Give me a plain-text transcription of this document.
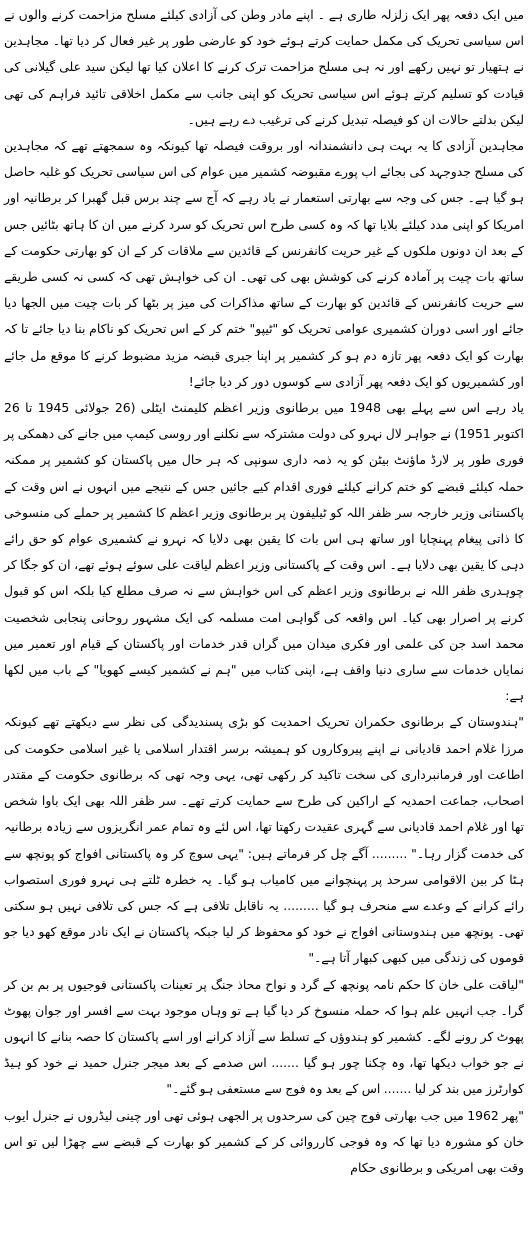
میں ایک دفعہ پھر ایک زلزلہ طاری ہے ۔ اپنے مادر وطن کی آزادی کیلئے مسلح مزاحمت کرنے والوں نے اس سیاسی تحریک کی مکمل حمایت کرتے ہوئے خود کو عارضی طور پر غیر فعال کر دیا تھا۔ مجاہدین نے ہتھیار تو نہیں رکھے اور نہ ہی مسلح مزاحمت ترک کرنے کا اعلان کیا تھا لیکن سید علی گیلانی کی قیادت کو تسلیم کرتے ہوئے اس سیاسی تحریک کو اپنی جانب سے مکمل اخلاقی تائید فراہم کی تھی لیکن بدلتے حالات ان کو فیصلہ تبدیل کرنے کی ترغیب دے رہے ہیں۔

مجاہدین آزادی کا یہ بہت ہی دانشمندانہ اور بروقت فیصلہ تھا کیونکہ وہ سمجھتے تھے کہ مجاہدین کی مسلح جدوجہد کی بجائے اب پورے مقبوضہ کشمیر میں عوام کی اس سیاسی تحریک کو غلبہ حاصل ہو گیا ہے۔ جس کی وجہ سے بھارتی استعمار نے یاد رہے کہ آج سے چند برس قبل گھبرا کر برطانیہ اور امریکا کو اپنی مدد کیلئے بلایا تھا کہ وہ کسی طرح اس تحریک کو سرد کرنے میں ان کا ہاتھ بٹائیں جس کے بعد ان دونوں ملکوں کے غیر حریت کانفرنس کے قائدین سے ملاقات کر کے ان کو بھارتی حکومت کے ساتھ بات چیت پر آمادہ کرنے کی کوشش بھی کی تھی۔ ان کی خواہش تھی کہ کسی نہ کسی طریقے سے حریت کانفرنس کے قائدین کو بھارت کے ساتھ مذاکرات کی میز پر بٹھا کر بات چیت میں الجھا دیا جائے اور اسی دوران کشمیری عوامی تحریک کو "ٹیپو" ختم کر کے اس تحریک کو ناکام بنا دیا جائے تا کہ بھارت کو ایک دفعہ پھر تازہ دم ہو کر کشمیر پر اپنا جبری قبضہ مزید مضبوط کرنے کا موقع مل جائے اور کشمیریوں کو ایک دفعہ پھر آزادی سے کوسوں دور کر دیا جائے!

یاد رہے اس سے پہلے بھی 1948 میں برطانوی وزیر اعظم کلیمنٹ ایٹلی (26 جولائی 1945 تا 26 اکتوبر 1951) نے جواہر لال نہرو کی دولت مشترکہ سے نکلنے اور روسی کیمپ میں جانے کی دھمکی پر فوری طور پر لارڈ ماؤنٹ بیٹن کو یہ ذمہ داری سونپی کہ ہر حال میں پاکستان کو کشمیر پر ممکنہ حملہ کیلئے قبضے کو ختم کرانے کیلئے فوری اقدام کیے جائیں جس کے نتیجے میں انہوں نے اس وقت کے پاکستانی وزیر خارجہ سر ظفر اللہ کو ٹیلیفون پر برطانوی وزیر اعظم کا کشمیر پر حملے کی منسوخی کا ذاتی پیغام پہنچایا اور ساتھ ہی اس بات کا یقین بھی دلایا کہ نہرو نے کشمیری عوام کو حق رائے دہی کا یقین بھی دلایا ہے۔ اس وقت کے پاکستانی وزیر اعظم لیاقت علی سوئے ہوئے تھے، ان کو جگا کر چوہدری ظفر اللہ نے برطانوی وزیر اعظم کی اس خواہش سے نہ صرف مطلع کیا بلکہ اس کو قبول کرنے پر اصرار بھی کیا۔ اس واقعہ کی گواہی امت مسلمہ کی ایک مشہور روحانی پنجابی شخصیت محمد اسد جن کی علمی اور فکری میدان میں گراں قدر خدمات اور پاکستان کے قیام اور تعمیر میں نمایاں خدمات سے ساری دنیا واقف ہے، اپنی کتاب میں "ہم نے کشمیر کیسے کھویا" کے باب میں لکھا ہے:

"ہندوستان کے برطانوی حکمران تحریک احمدیت کو بڑی پسندیدگی کی نظر سے دیکھتے تھے کیونکہ مرزا غلام احمد قادیانی نے اپنے پیروکاروں کو ہمیشہ برسر اقتدار اسلامی یا غیر اسلامی حکومت کی اطاعت اور فرمانبرداری کی سخت تاکید کر رکھی تھی، یہی وجہ تھی کہ برطانوی حکومت کے مقتدر اصحاب، جماعت احمدیہ کے اراکین کی طرح سے حمایت کرتے تھے۔ سر ظفر اللہ بھی ایک باوا شخص تھا اور غلام احمد قادیانی سے گہری عقیدت رکھتا تھا، اس لئے وہ تمام عمر انگریزوں سے زیادہ برطانیہ کی خدمت گزار رہا۔" ......... آگے چل کر فرماتے ہیں: "یہی سوچ کر وہ پاکستانی افواج کو پونچھ سے ہٹا کر بین الاقوامی سرحد پر پہنچوانے میں کامیاب ہو گیا۔ یہ خطرہ ٹلتے ہی نہرو فوری استصواب رائے کرانے کے وعدے سے منحرف ہو گیا ......... یہ ناقابل تلافی ہے کہ جس کی تلافی نہیں ہو سکتی تھی۔ پونچھ میں ہندوستانی افواج نے خود کو محفوظ کر لیا جبکہ پاکستان نے ایک نادر موقع کھو دیا جو قوموں کی زندگی میں کبھی کبھار آتا ہے۔"

"لیاقت علی خان کا حکم نامہ پونچھ کے گرد و نواح محاذ جنگ پر تعینات پاکستانی فوجیوں پر بم بن کر گرا۔ جب انہیں علم ہوا کہ حملہ منسوخ کر دیا گیا ہے تو وہاں موجود بہت سے افسر اور جوان پھوٹ پھوٹ کر رونے لگے۔ کشمیر کو ہندوؤں کے تسلط سے آزاد کرانے اور اسے پاکستان کا حصہ بنانے کا انہوں نے جو خواب دیکھا تھا، وہ چکنا چور ہو گیا ....... اس صدمے کے بعد میجر جنرل حمید نے خود کو ہیڈ کوارٹرز میں بند کر لیا ....... اس کے بعد وہ فوج سے مستعفی ہو گئے۔"

"پھر 1962 میں جب بھارتی فوج چین کی سرحدوں پر الجھی ہوئی تھی اور چینی لیڈروں نے جنرل ایوب خان کو مشورہ دیا تھا کہ وہ فوجی کارروائی کر کے کشمیر کو بھارت کے قبضے سے چھڑا لیں تو اس وقت بھی امریکی و برطانوی حکام
